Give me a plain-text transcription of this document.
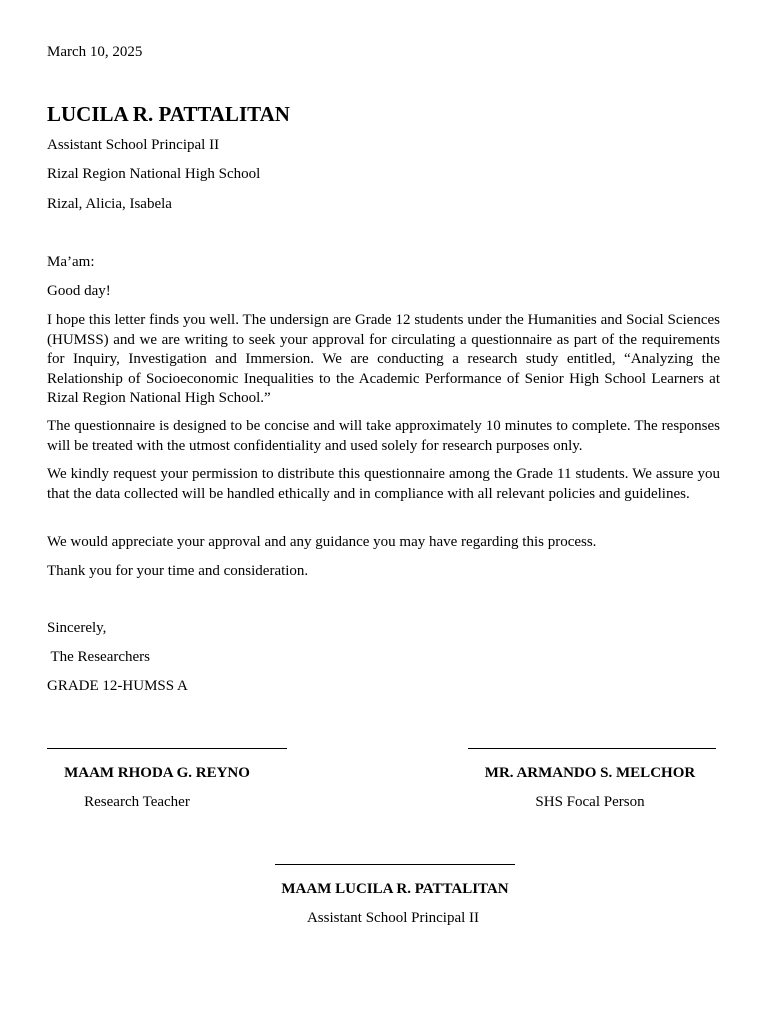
March 10, 2025
LUCILA R. PATTALITAN
Assistant School Principal II
Rizal Region National High School
Rizal, Alicia, Isabela
Ma’am:
Good day!
I hope this letter finds you well. The undersign are Grade 12 students under the Humanities and Social Sciences (HUMSS) and we are writing to seek your approval for circulating a questionnaire as part of the requirements for Inquiry, Investigation and Immersion. We are conducting a research study entitled, “Analyzing the Relationship of Socioeconomic Inequalities to the Academic Performance of Senior High School Learners at Rizal Region National High School.”
The questionnaire is designed to be concise and will take approximately 10 minutes to complete. The responses will be treated with the utmost confidentiality and used solely for research purposes only.
We kindly request your permission to distribute this questionnaire among the Grade 11 students. We assure you that the data collected will be handled ethically and in compliance with all relevant policies and guidelines.
We would appreciate your approval and any guidance you may have regarding this process.
Thank you for your time and consideration.
Sincerely,
The Researchers
GRADE 12-HUMSS A
MAAM RHODA G. REYNO
Research Teacher
MR. ARMANDO S. MELCHOR
SHS Focal Person
MAAM LUCILA R. PATTALITAN
Assistant School Principal II
